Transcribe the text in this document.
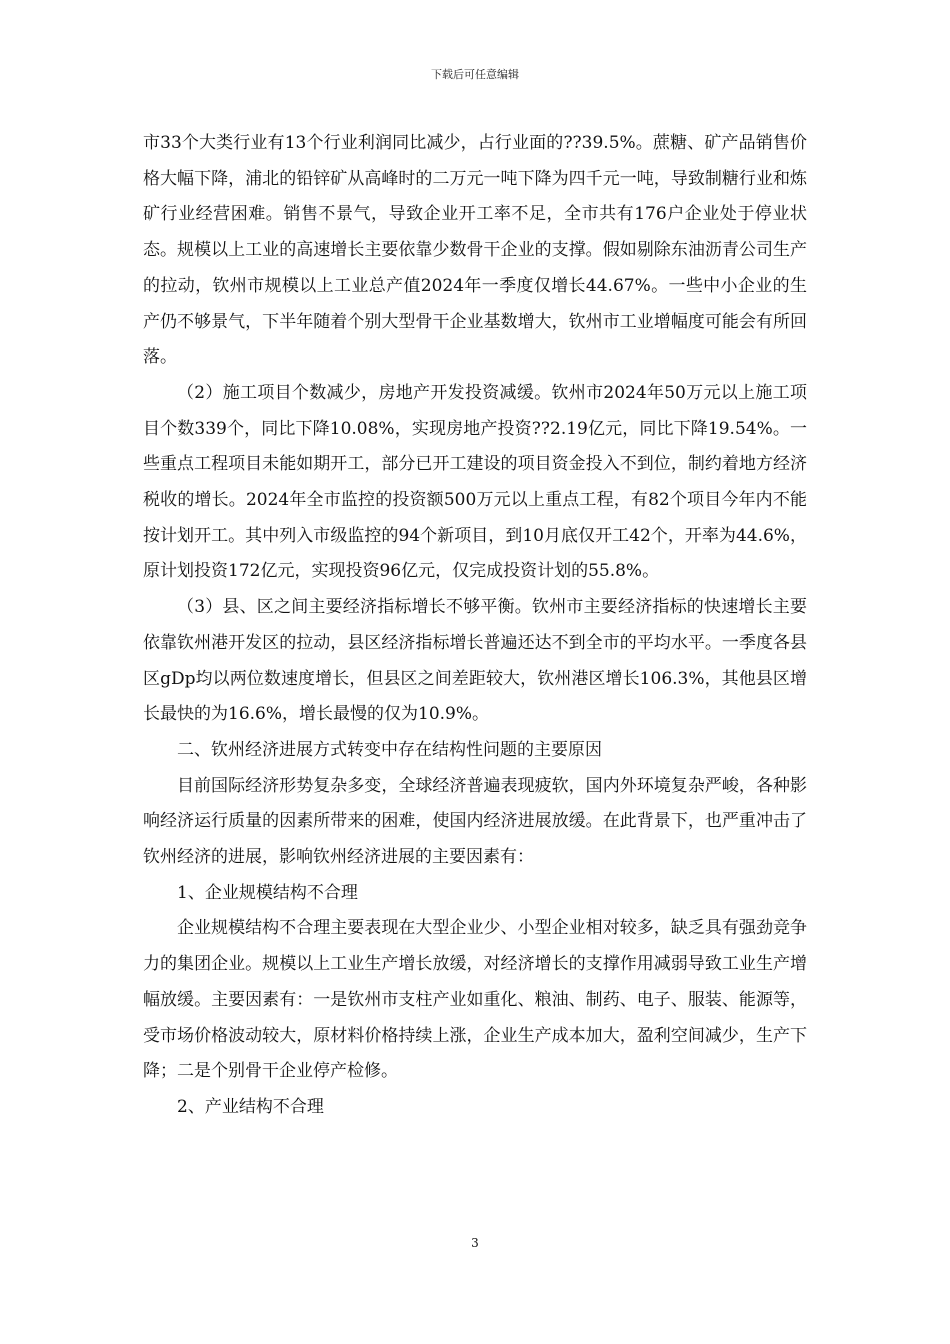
下载后可任意编辑

市33个大类行业有13个行业利润同比减少，占行业面的??39.5%。蔗糖、矿产品销售价格大幅下降，浦北的铅锌矿从高峰时的二万元一吨下降为四千元一吨，导致制糖行业和炼矿行业经营困难。销售不景气，导致企业开工率不足，全市共有176户企业处于停业状态。规模以上工业的高速增长主要依靠少数骨干企业的支撑。假如剔除东油沥青公司生产的拉动，钦州市规模以上工业总产值2024年一季度仅增长44.67%。一些中小企业的生产仍不够景气，下半年随着个别大型骨干企业基数增大，钦州市工业增幅度可能会有所回落。

（2）施工项目个数减少，房地产开发投资减缓。钦州市2024年50万元以上施工项目个数339个，同比下降10.08%，实现房地产投资??2.19亿元，同比下降19.54%。一些重点工程项目未能如期开工，部分已开工建设的项目资金投入不到位，制约着地方经济税收的增长。2024年全市监控的投资额500万元以上重点工程，有82个项目今年内不能按计划开工。其中列入市级监控的94个新项目，到10月底仅开工42个，开率为44.6%，原计划投资172亿元，实现投资96亿元，仅完成投资计划的55.8%。

（3）县、区之间主要经济指标增长不够平衡。钦州市主要经济指标的快速增长主要依靠钦州港开发区的拉动，县区经济指标增长普遍还达不到全市的平均水平。一季度各县区gDp均以两位数速度增长，但县区之间差距较大，钦州港区增长106.3%，其他县区增长最快的为16.6%，增长最慢的仅为10.9%。

二、钦州经济进展方式转变中存在结构性问题的主要原因

目前国际经济形势复杂多变，全球经济普遍表现疲软，国内外环境复杂严峻，各种影响经济运行质量的因素所带来的困难，使国内经济进展放缓。在此背景下，也严重冲击了钦州经济的进展，影响钦州经济进展的主要因素有：

1、企业规模结构不合理

企业规模结构不合理主要表现在大型企业少、小型企业相对较多，缺乏具有强劲竞争力的集团企业。规模以上工业生产增长放缓，对经济增长的支撑作用减弱导致工业生产增幅放缓。主要因素有：一是钦州市支柱产业如重化、粮油、制药、电子、服装、能源等，受市场价格波动较大，原材料价格持续上涨，企业生产成本加大，盈利空间减少，生产下降；二是个别骨干企业停产检修。

2、产业结构不合理

3
